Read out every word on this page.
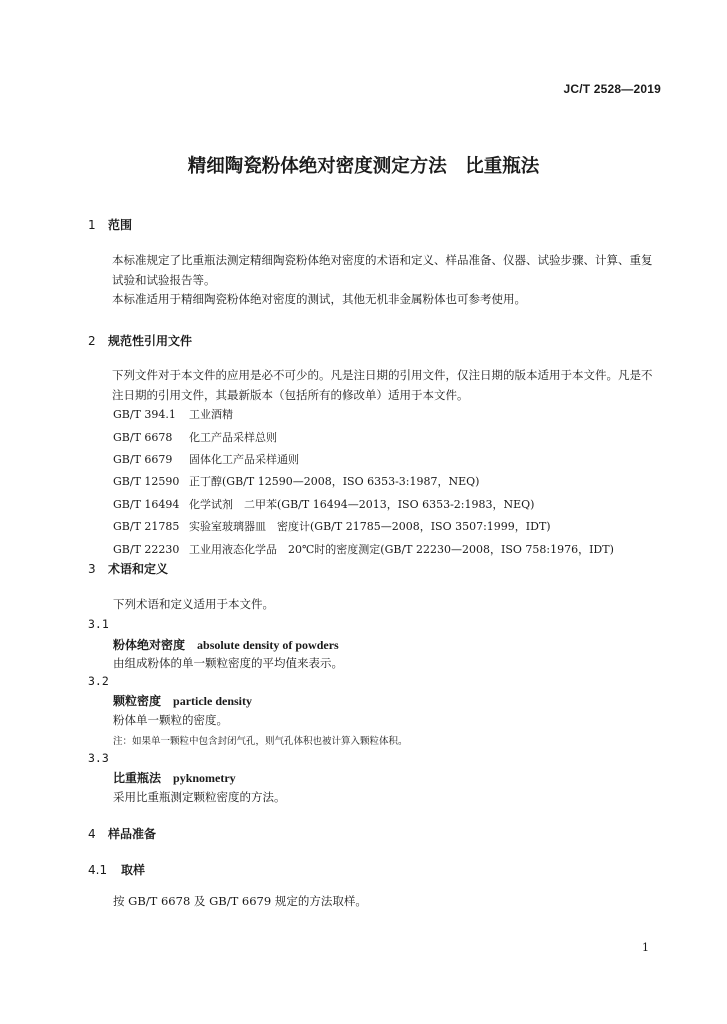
JC/T 2528—2019
精细陶瓷粉体绝对密度测定方法　比重瓶法
1 范围
本标准规定了比重瓶法测定精细陶瓷粉体绝对密度的术语和定义、样品准备、仪器、试验步骤、计算、重复试验和试验报告等。
本标准适用于精细陶瓷粉体绝对密度的测试，其他无机非金属粉体也可参考使用。
2 规范性引用文件
下列文件对于本文件的应用是必不可少的。凡是注日期的引用文件，仅注日期的版本适用于本文件。凡是不注日期的引用文件，其最新版本（包括所有的修改单）适用于本文件。
GB/T 394.1 工业酒精
GB/T 6678 化工产品采样总则
GB/T 6679 固体化工产品采样通则
GB/T 12590 正丁醇(GB/T 12590—2008，ISO 6353-3:1987，NEQ)
GB/T 16494 化学试剂　二甲苯(GB/T 16494—2013，ISO 6353-2:1983，NEQ)
GB/T 21785 实验室玻璃器皿　密度计(GB/T 21785—2008，ISO 3507:1999，IDT)
GB/T 22230 工业用液态化学品　20℃时的密度测定(GB/T 22230—2008，ISO 758:1976，IDT)
3 术语和定义
下列术语和定义适用于本文件。
3.1
粉体绝对密度 absolute density of powders
由组成粉体的单一颗粒密度的平均值来表示。
3.2
颗粒密度 particle density
粉体单一颗粒的密度。
注：如果单一颗粒中包含封闭气孔，则气孔体积也被计算入颗粒体积。
3.3
比重瓶法 pyknometry
采用比重瓶测定颗粒密度的方法。
4 样品准备
4.1 取样
按 GB/T 6678 及 GB/T 6679 规定的方法取样。
1
